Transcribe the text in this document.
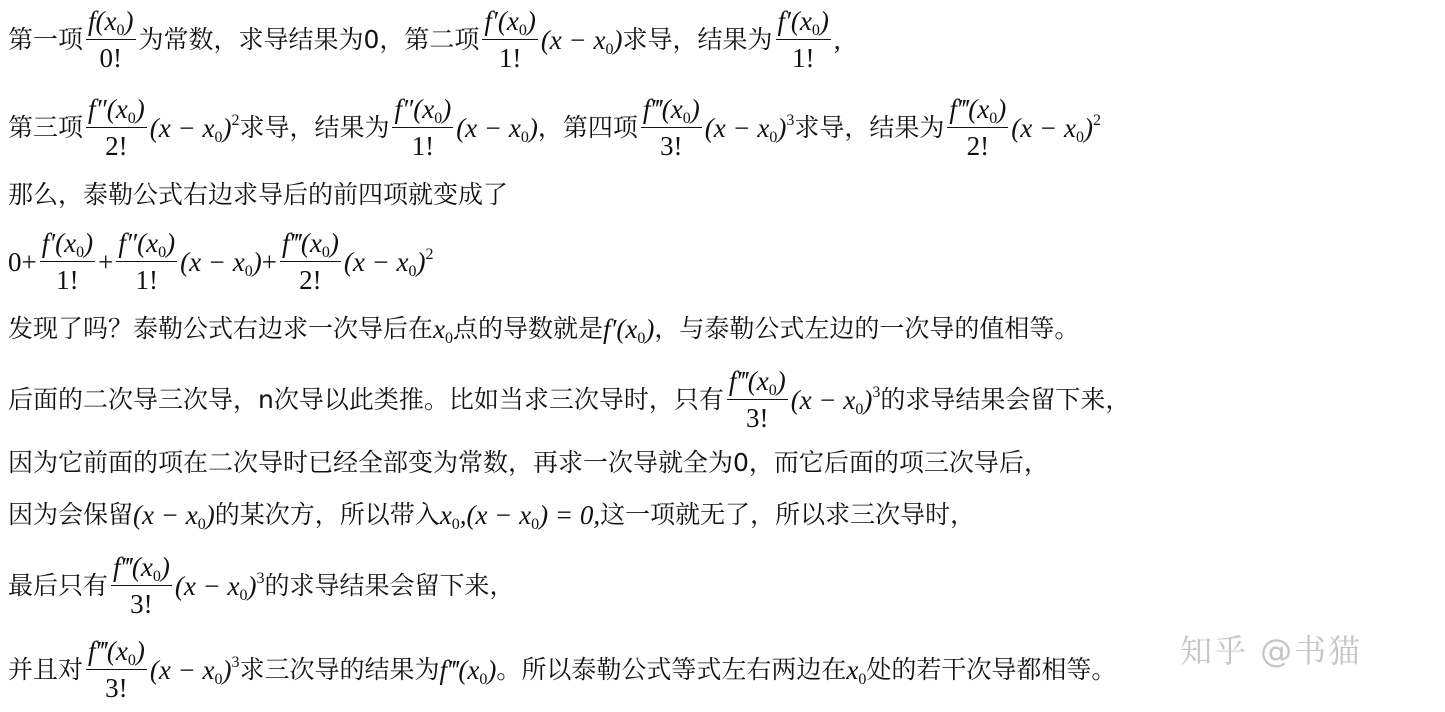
第一项 $\frac{f(x_0)}{0!}$ 为常数，求导结果为0，第二项 $\frac{f'(x_0)}{1!} (x - x_0)$ 求导，结果为 $\frac{f'(x_0)}{1!}$ ,
第三项 $\frac{f''(x_0)}{2!} (x - x_0)^2$ 求导，结果为 $\frac{f''(x_0)}{1!} (x - x_0)$ ，第四项 $\frac{f‴(x_0)}{3!} (x - x_0)^3$ 求导，结果为 $\frac{f‴(x_0)}{2!} (x - x_0)^2$
那么，泰勒公式右边求导后的前四项就变成了
$0+ \frac{f'(x_0)}{1!} + \frac{f''(x_0)}{1!} (x - x_0) + \frac{f‴(x_0)}{2!} (x - x_0)^2$
发现了吗？泰勒公式右边求一次导后在 $x_0$ 点的导数就是 $f'(x_0)$ ，与泰勒公式左边的一次导的值相等。
后面的二次导三次导，n次导以此类推。比如当求三次导时，只有 $\frac{f‴(x_0)}{3!} (x - x_0)^3$ 的求导结果会留下来，
因为它前面的项在二次导时已经全部变为常数，再求一次导就全为0，而它后面的项三次导后，
因为会保留 $(x - x_0)$ 的某次方，所以带入 $x_0$ $,(x - x_0) = 0$, 这一项就无了，所以求三次导时，
最后只有 $\frac{f‴(x_0)}{3!} (x - x_0)^3$ 的求导结果会留下来，
并且对 $\frac{f‴(x_0)}{3!} (x - x_0)^3$ 求三次导的结果为 $f‴(x_0)$ 。所以泰勒公式等式左右两边在 $x_0$ 处的若干次导都相等。 知乎 @书猫
